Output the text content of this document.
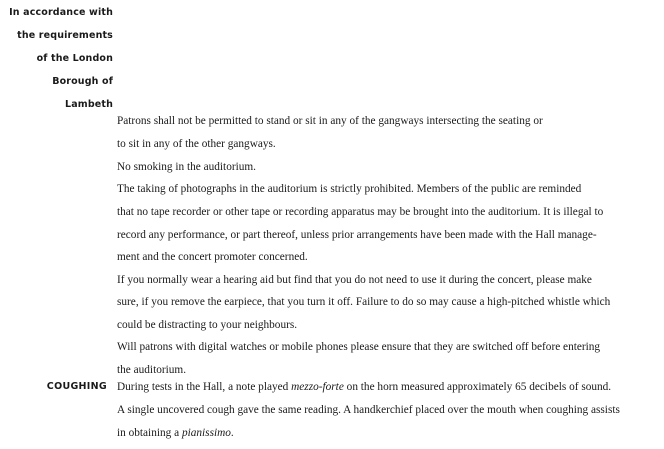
In accordance with
the requirements
of the London
Borough of
Lambeth
Patrons shall not be permitted to stand or sit in any of the gangways intersecting the seating or
to sit in any of the other gangways.
No smoking in the auditorium.
The taking of photographs in the auditorium is strictly prohibited. Members of the public are reminded
that no tape recorder or other tape or recording apparatus may be brought into the auditorium. It is illegal to
record any performance, or part thereof, unless prior arrangements have been made with the Hall manage-
ment and the concert promoter concerned.
If you normally wear a hearing aid but find that you do not need to use it during the concert, please make
sure, if you remove the earpiece, that you turn it off. Failure to do so may cause a high-pitched whistle which
could be distracting to your neighbours.
Will patrons with digital watches or mobile phones please ensure that they are switched off before entering
the auditorium.
COUGHING During tests in the Hall, a note played mezzo-forte on the horn measured approximately 65 decibels of sound.
A single uncovered cough gave the same reading. A handkerchief placed over the mouth when coughing assists
in obtaining a pianissimo.
